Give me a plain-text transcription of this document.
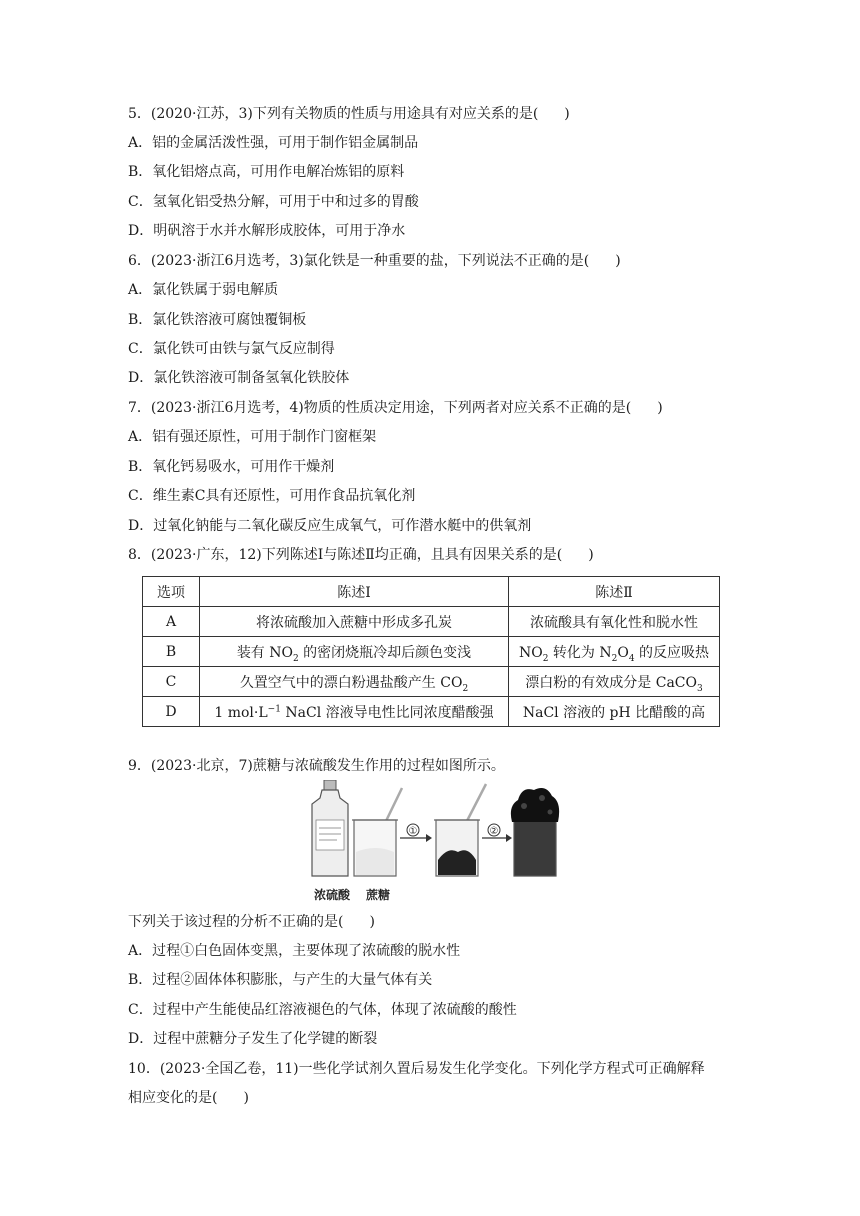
5．(2020·江苏，3)下列有关物质的性质与用途具有对应关系的是( )
A．铝的金属活泼性强，可用于制作铝金属制品
B．氧化铝熔点高，可用作电解冶炼铝的原料
C．氢氧化铝受热分解，可用于中和过多的胃酸
D．明矾溶于水并水解形成胶体，可用于净水
6．(2023·浙江6月选考，3)氯化铁是一种重要的盐，下列说法不正确的是( )
A．氯化铁属于弱电解质
B．氯化铁溶液可腐蚀覆铜板
C．氯化铁可由铁与氯气反应制得
D．氯化铁溶液可制备氢氧化铁胶体
7．(2023·浙江6月选考，4)物质的性质决定用途，下列两者对应关系不正确的是( )
A．铝有强还原性，可用于制作门窗框架
B．氧化钙易吸水，可用作干燥剂
C．维生素C具有还原性，可用作食品抗氧化剂
D．过氧化钠能与二氧化碳反应生成氧气，可作潜水艇中的供氧剂
8．(2023·广东，12)下列陈述Ⅰ与陈述Ⅱ均正确，且具有因果关系的是( )
选项	陈述Ⅰ	陈述Ⅱ
A	将浓硫酸加入蔗糖中形成多孔炭	浓硫酸具有氧化性和脱水性
B	装有 $NO_2$ 的密闭烧瓶冷却后颜色变浅	$NO_2$ 转化为 $N_2O_4$ 的反应吸热
C	久置空气中的漂白粉遇盐酸产生 $CO_2$	漂白粉的有效成分是 CaCO$_3$
D	1 $mol\cdot L^{-1}$ NaCl 溶液导电性比同浓度醋酸强	NaCl 溶液的 pH 比醋酸的高
9．(2023·北京，7)蔗糖与浓硫酸发生作用的过程如图所示。
①	②
浓硫酸 蔗糖
下列关于该过程的分析不正确的是( )
A．过程①白色固体变黑，主要体现了浓硫酸的脱水性
B．过程②固体体积膨胀，与产生的大量气体有关
C．过程中产生能使品红溶液褪色的气体，体现了浓硫酸的酸性
D．过程中蔗糖分子发生了化学键的断裂
10．(2023·全国乙卷，11)一些化学试剂久置后易发生化学变化。下列化学方程式可正确解释
相应变化的是( )
